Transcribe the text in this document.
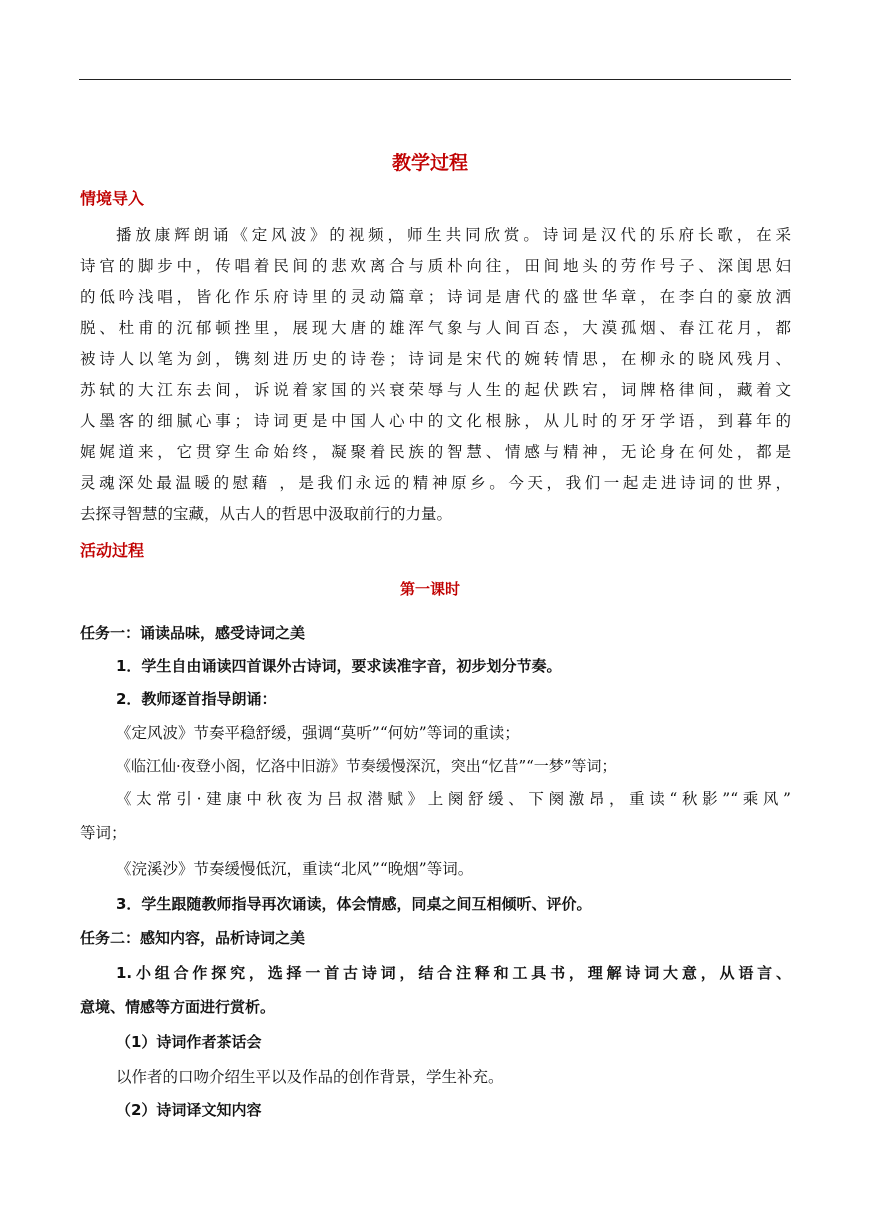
教学过程
情境导入
播放康辉朗诵《定风波》的视频，师生共同欣赏。诗词是汉代的乐府长歌，在采
诗官的脚步中，传唱着民间的悲欢离合与质朴向往，田间地头的劳作号子、深闺思妇
的低吟浅唱，皆化作乐府诗里的灵动篇章；诗词是唐代的盛世华章，在李白的豪放洒
脱、杜甫的沉郁顿挫里，展现大唐的雄浑气象与人间百态，大漠孤烟、春江花月，都
被诗人以笔为剑，镌刻进历史的诗卷；诗词是宋代的婉转情思，在柳永的晓风残月、
苏轼的大江东去间，诉说着家国的兴衰荣辱与人生的起伏跌宕，词牌格律间，藏着文
人墨客的细腻心事；诗词更是中国人心中的文化根脉，从儿时的牙牙学语，到暮年的
娓娓道来，它贯穿生命始终，凝聚着民族的智慧、情感与精神，无论身在何处，都是
灵魂深处最温暖的慰藉 ，是我们永远的精神原乡。今天，我们一起走进诗词的世界，
去探寻智慧的宝藏，从古人的哲思中汲取前行的力量。
活动过程
第一课时
任务一：诵读品味，感受诗词之美
1．学生自由诵读四首课外古诗词，要求读准字音，初步划分节奏。
2．教师逐首指导朗诵：
《定风波》节奏平稳舒缓，强调“莫听”“何妨”等词的重读；
《临江仙·夜登小阁，忆洛中旧游》节奏缓慢深沉，突出“忆昔”“一梦”等词；
《太常引·建康中秋夜为吕叔潜赋》上阕舒缓、下阕激昂，重读“秋影”“乘风”
等词；
《浣溪沙》节奏缓慢低沉，重读“北风”“晚烟”等词。
3．学生跟随教师指导再次诵读，体会情感，同桌之间互相倾听、评价。
任务二：感知内容，品析诗词之美
1.小组合作探究，选择一首古诗词，结合注释和工具书，理解诗词大意，从语言、
意境、情感等方面进行赏析。
（1）诗词作者茶话会
以作者的口吻介绍生平以及作品的创作背景，学生补充。
（2）诗词译文知内容
